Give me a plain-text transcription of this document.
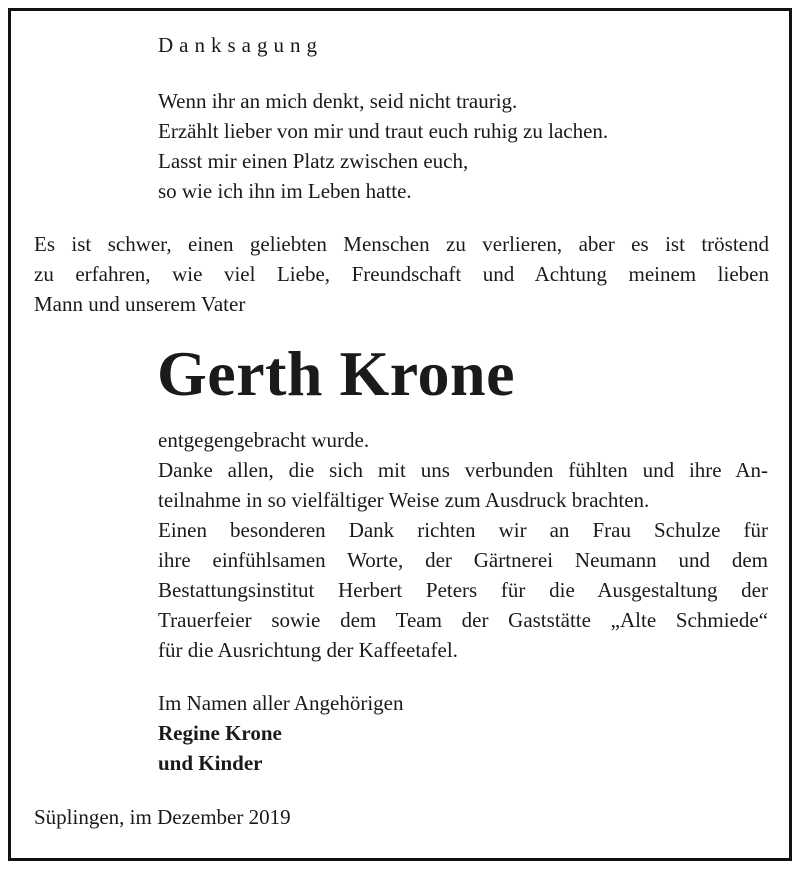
Danksagung
Wenn ihr an mich denkt, seid nicht traurig.
Erzählt lieber von mir und traut euch ruhig zu lachen.
Lasst mir einen Platz zwischen euch,
so wie ich ihn im Leben hatte.
Es ist schwer, einen geliebten Menschen zu verlieren, aber es ist tröstend
zu erfahren, wie viel Liebe, Freundschaft und Achtung meinem lieben
Mann und unserem Vater
Gerth Krone
entgegengebracht wurde.
Danke allen, die sich mit uns verbunden fühlten und ihre An-
teilnahme in so vielfältiger Weise zum Ausdruck brachten.
Einen besonderen Dank richten wir an Frau Schulze für
ihre einfühlsamen Worte, der Gärtnerei Neumann und dem
Bestattungsinstitut Herbert Peters für die Ausgestaltung der
Trauerfeier sowie dem Team der Gaststätte „Alte Schmiede“
für die Ausrichtung der Kaffeetafel.
Im Namen aller Angehörigen
Regine Krone
und Kinder
Süplingen, im Dezember 2019
